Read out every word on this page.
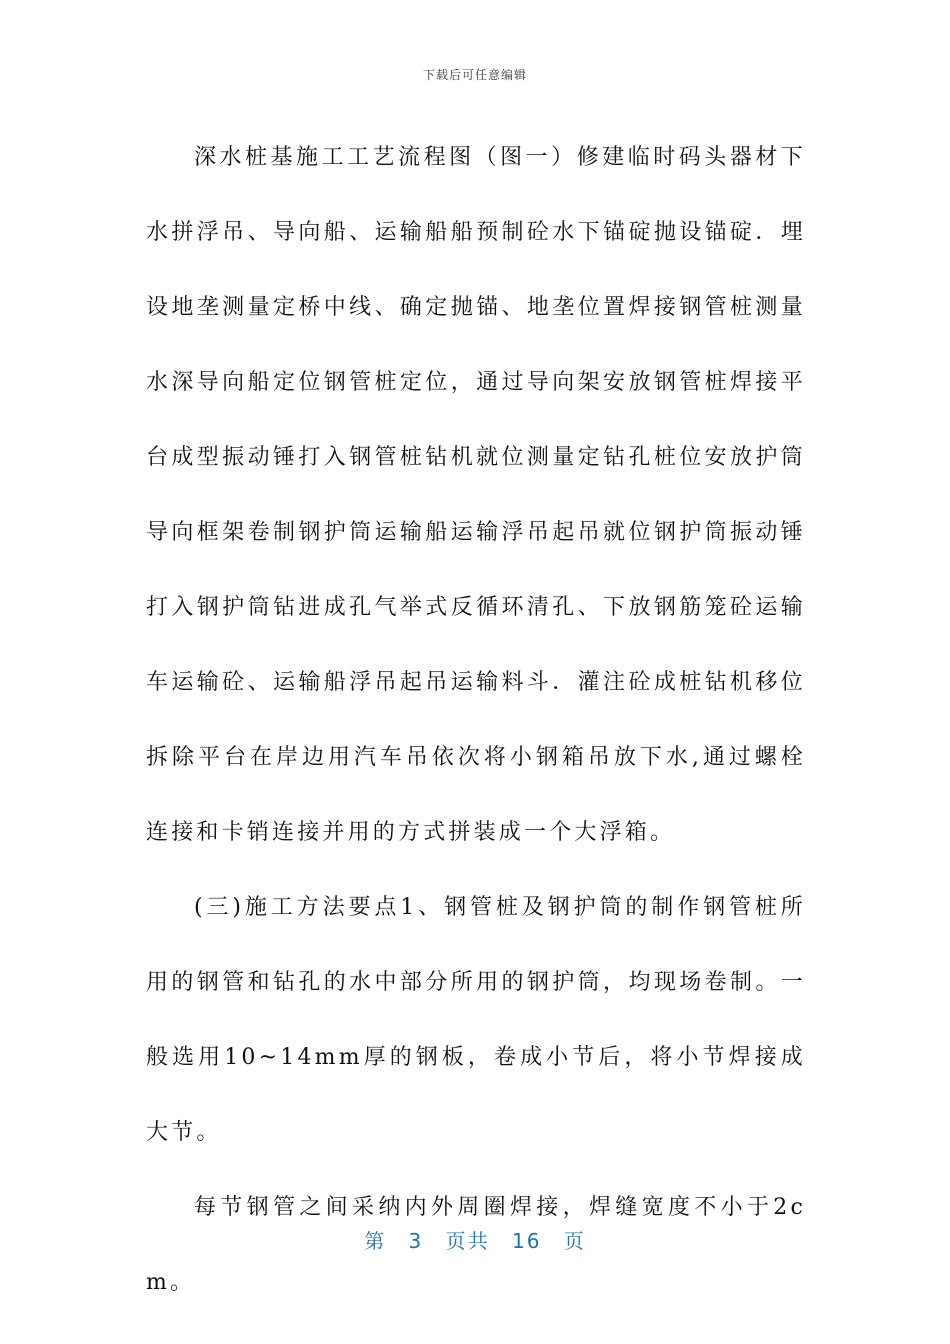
下载后可任意编辑

深水桩基施工工艺流程图（图一）修建临时码头器材下水拼浮吊、导向船、运输船船预制砼水下锚碇抛设锚碇．埋设地垄测量定桥中线、确定抛锚、地垄位置焊接钢管桩测量水深导向船定位钢管桩定位，通过导向架安放钢管桩焊接平台成型振动锤打入钢管桩钻机就位测量定钻孔桩位安放护筒导向框架卷制钢护筒运输船运输浮吊起吊就位钢护筒振动锤打入钢护筒钻进成孔气举式反循环清孔、下放钢筋笼砼运输车运输砼、运输船浮吊起吊运输料斗．灌注砼成桩钻机移位拆除平台在岸边用汽车吊依次将小钢箱吊放下水,通过螺栓连接和卡销连接并用的方式拼装成一个大浮箱。

(三)施工方法要点1、钢管桩及钢护筒的制作钢管桩所用的钢管和钻孔的水中部分所用的钢护筒，均现场卷制。一般选用10~14mm厚的钢板，卷成小节后，将小节焊接成大节。

每节钢管之间采纳内外周圈焊接，焊缝宽度不小于2cm。

第 3 页共 16 页
